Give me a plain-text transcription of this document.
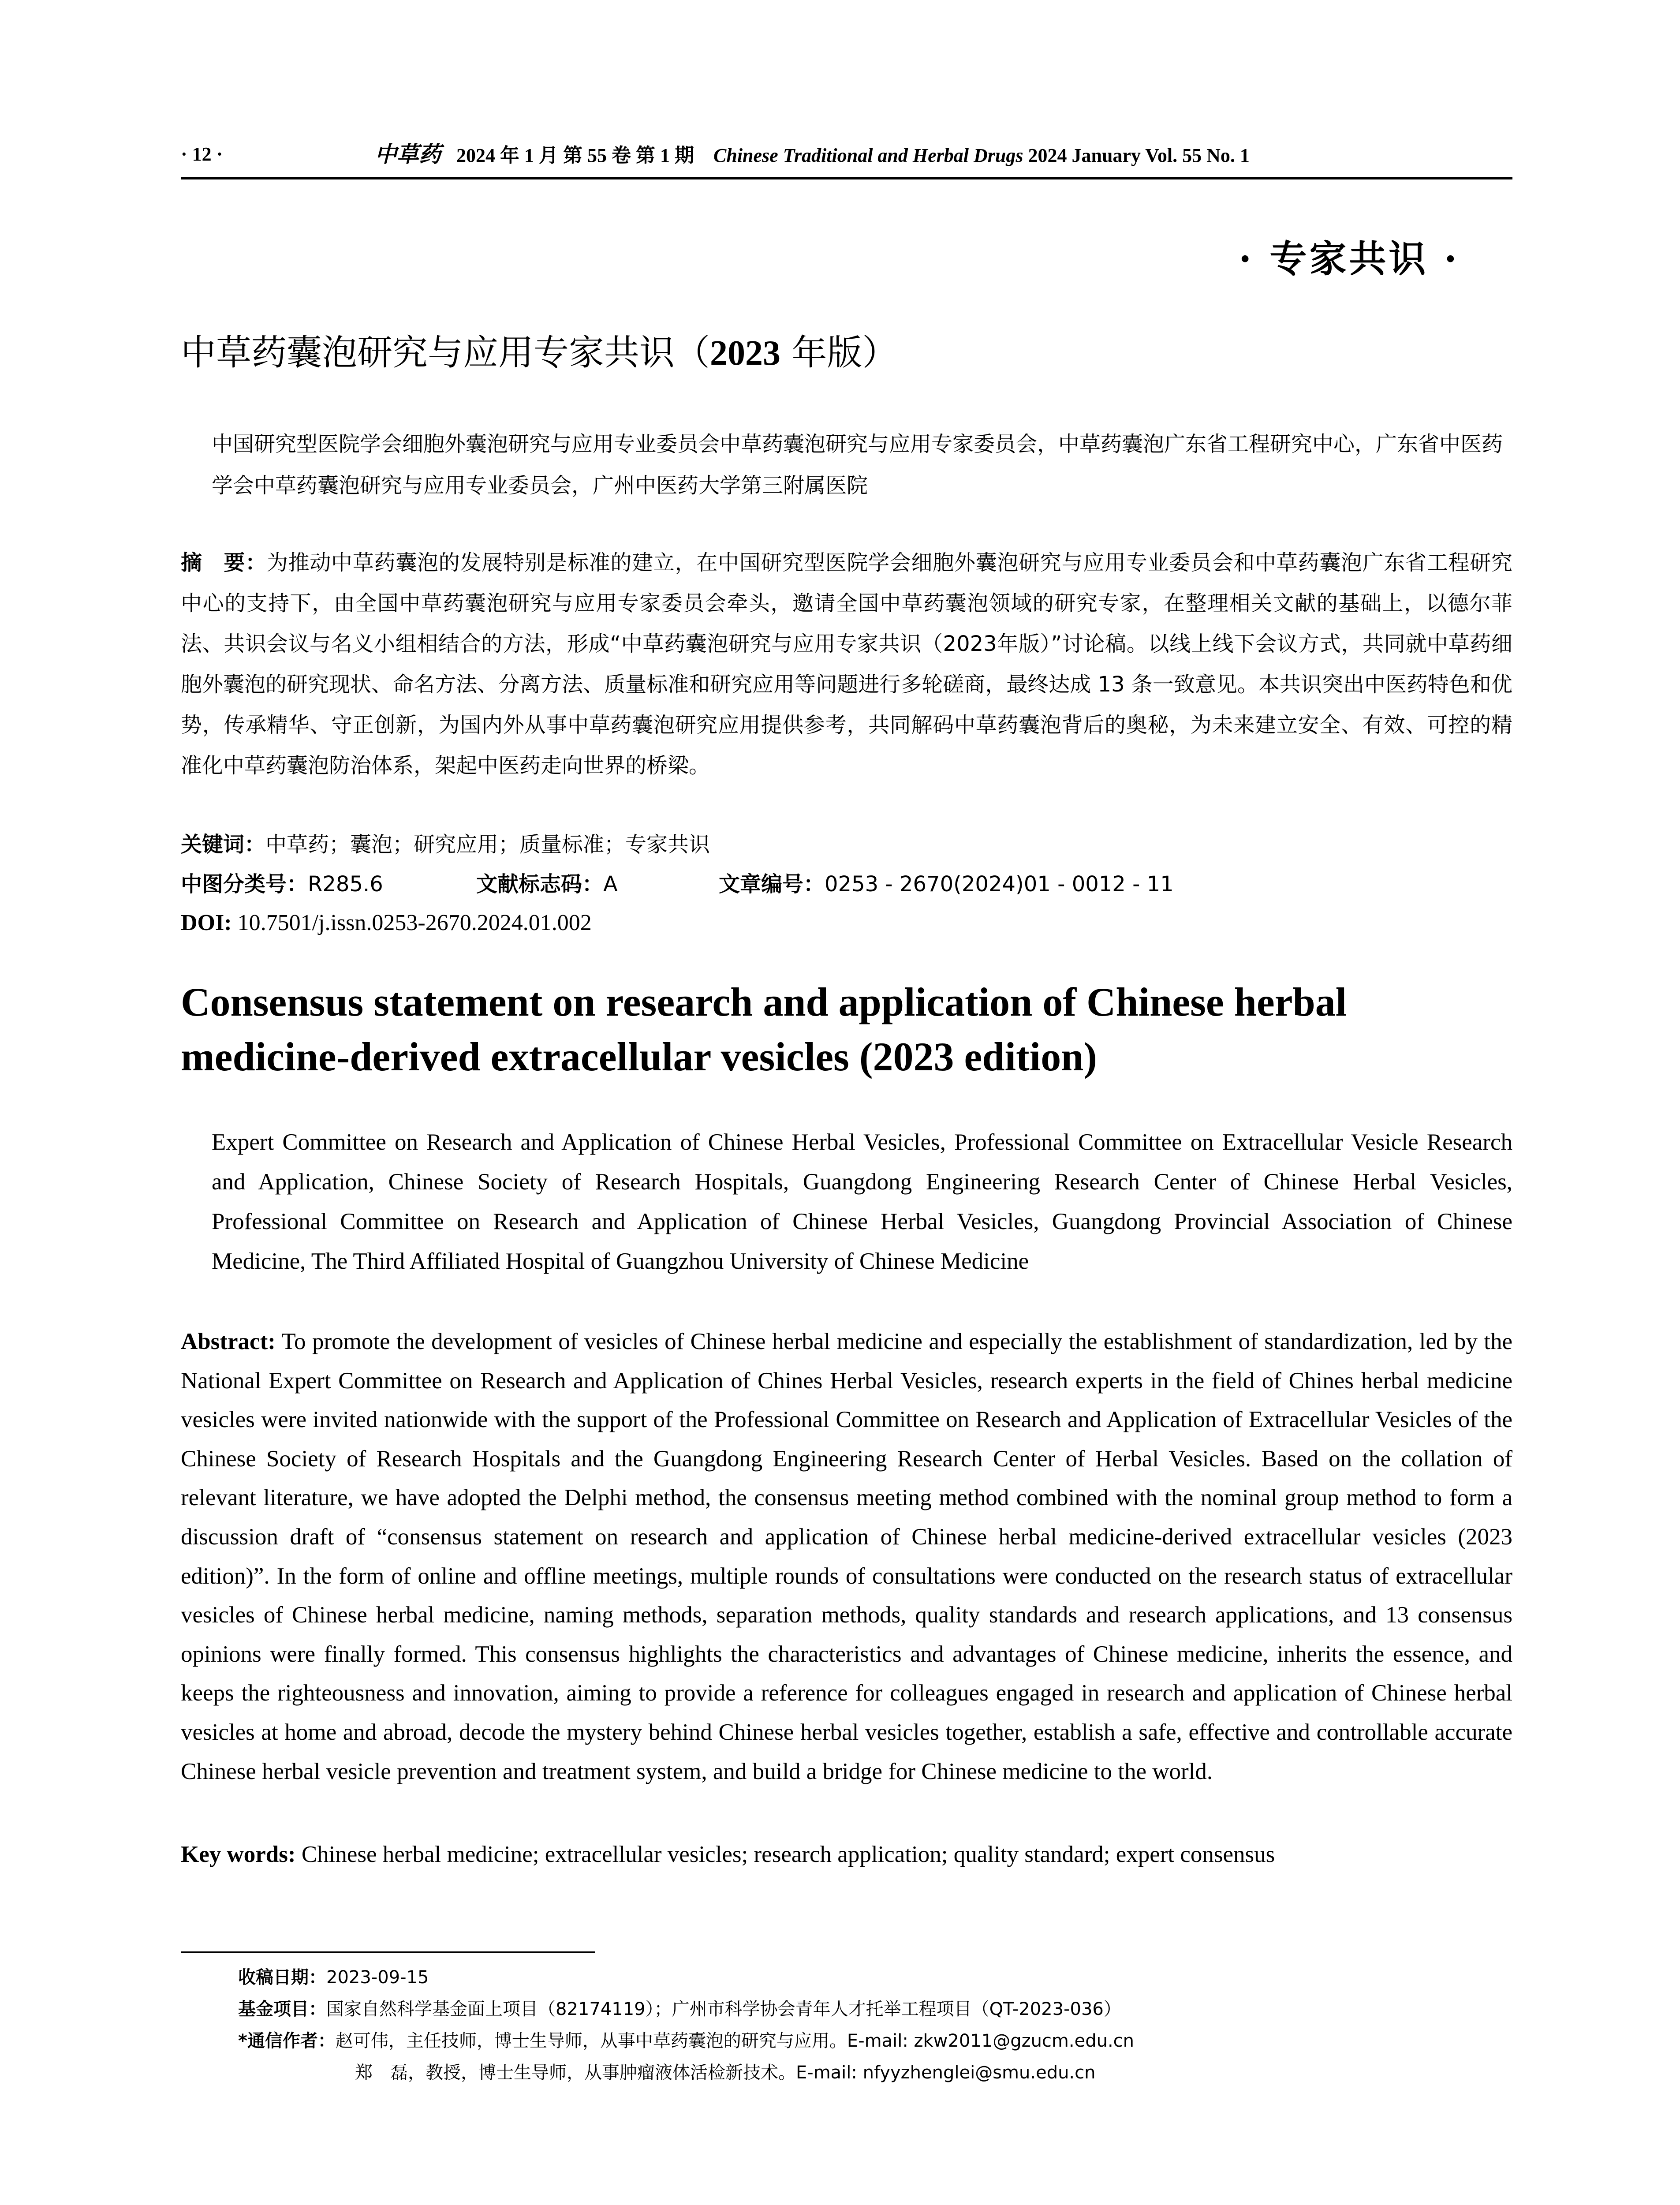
· 12 ·	中草药 2024 年 1 月 第 55 卷 第 1 期 Chinese Traditional and Herbal Drugs 2024 January Vol. 55 No. 1
· 专家共识 ·
中草药囊泡研究与应用专家共识（2023 年版）
中国研究型医院学会细胞外囊泡研究与应用专业委员会中草药囊泡研究与应用专家委员会，中草药囊泡广东省工程研究中心，广东省中医药学会中草药囊泡研究与应用专业委员会，广州中医药大学第三附属医院
摘　要：为推动中草药囊泡的发展特别是标准的建立，在中国研究型医院学会细胞外囊泡研究与应用专业委员会和中草药囊泡广东省工程研究中心的支持下，由全国中草药囊泡研究与应用专家委员会牵头，邀请全国中草药囊泡领域的研究专家，在整理相关文献的基础上，以德尔菲法、共识会议与名义小组相结合的方法，形成“中草药囊泡研究与应用专家共识（2023年版）”讨论稿。以线上线下会议方式，共同就中草药细胞外囊泡的研究现状、命名方法、分离方法、质量标准和研究应用等问题进行多轮磋商，最终达成 13 条一致意见。本共识突出中医药特色和优势，传承精华、守正创新，为国内外从事中草药囊泡研究应用提供参考，共同解码中草药囊泡背后的奥秘，为未来建立安全、有效、可控的精准化中草药囊泡防治体系，架起中医药走向世界的桥梁。
关键词：中草药；囊泡；研究应用；质量标准；专家共识
中图分类号：R285.6	文献标志码：A	文章编号：0253 - 2670(2024)01 - 0012 - 11
DOI: 10.7501/j.issn.0253-2670.2024.01.002
Consensus statement on research and application of Chinese herbal medicine-derived extracellular vesicles (2023 edition)
Expert Committee on Research and Application of Chinese Herbal Vesicles, Professional Committee on Extracellular Vesicle Research and Application, Chinese Society of Research Hospitals, Guangdong Engineering Research Center of Chinese Herbal Vesicles, Professional Committee on Research and Application of Chinese Herbal Vesicles, Guangdong Provincial Association of Chinese Medicine, The Third Affiliated Hospital of Guangzhou University of Chinese Medicine
Abstract: To promote the development of vesicles of Chinese herbal medicine and especially the establishment of standardization, led by the National Expert Committee on Research and Application of Chines Herbal Vesicles, research experts in the field of Chines herbal medicine vesicles were invited nationwide with the support of the Professional Committee on Research and Application of Extracellular Vesicles of the Chinese Society of Research Hospitals and the Guangdong Engineering Research Center of Herbal Vesicles. Based on the collation of relevant literature, we have adopted the Delphi method, the consensus meeting method combined with the nominal group method to form a discussion draft of “consensus statement on research and application of Chinese herbal medicine-derived extracellular vesicles (2023 edition)”. In the form of online and offline meetings, multiple rounds of consultations were conducted on the research status of extracellular vesicles of Chinese herbal medicine, naming methods, separation methods, quality standards and research applications, and 13 consensus opinions were finally formed. This consensus highlights the characteristics and advantages of Chinese medicine, inherits the essence, and keeps the righteousness and innovation, aiming to provide a reference for colleagues engaged in research and application of Chinese herbal vesicles at home and abroad, decode the mystery behind Chinese herbal vesicles together, establish a safe, effective and controllable accurate Chinese herbal vesicle prevention and treatment system, and build a bridge for Chinese medicine to the world.
Key words: Chinese herbal medicine; extracellular vesicles; research application; quality standard; expert consensus
收稿日期：2023-09-15
基金项目：国家自然科学基金面上项目（82174119）；广州市科学协会青年人才托举工程项目（QT-2023-036）
*通信作者：赵可伟，主任技师，博士生导师，从事中草药囊泡的研究与应用。E-mail: zkw2011@gzucm.edu.cn
郑　磊，教授，博士生导师，从事肿瘤液体活检新技术。E-mail: nfyyzhenglei@smu.edu.cn
